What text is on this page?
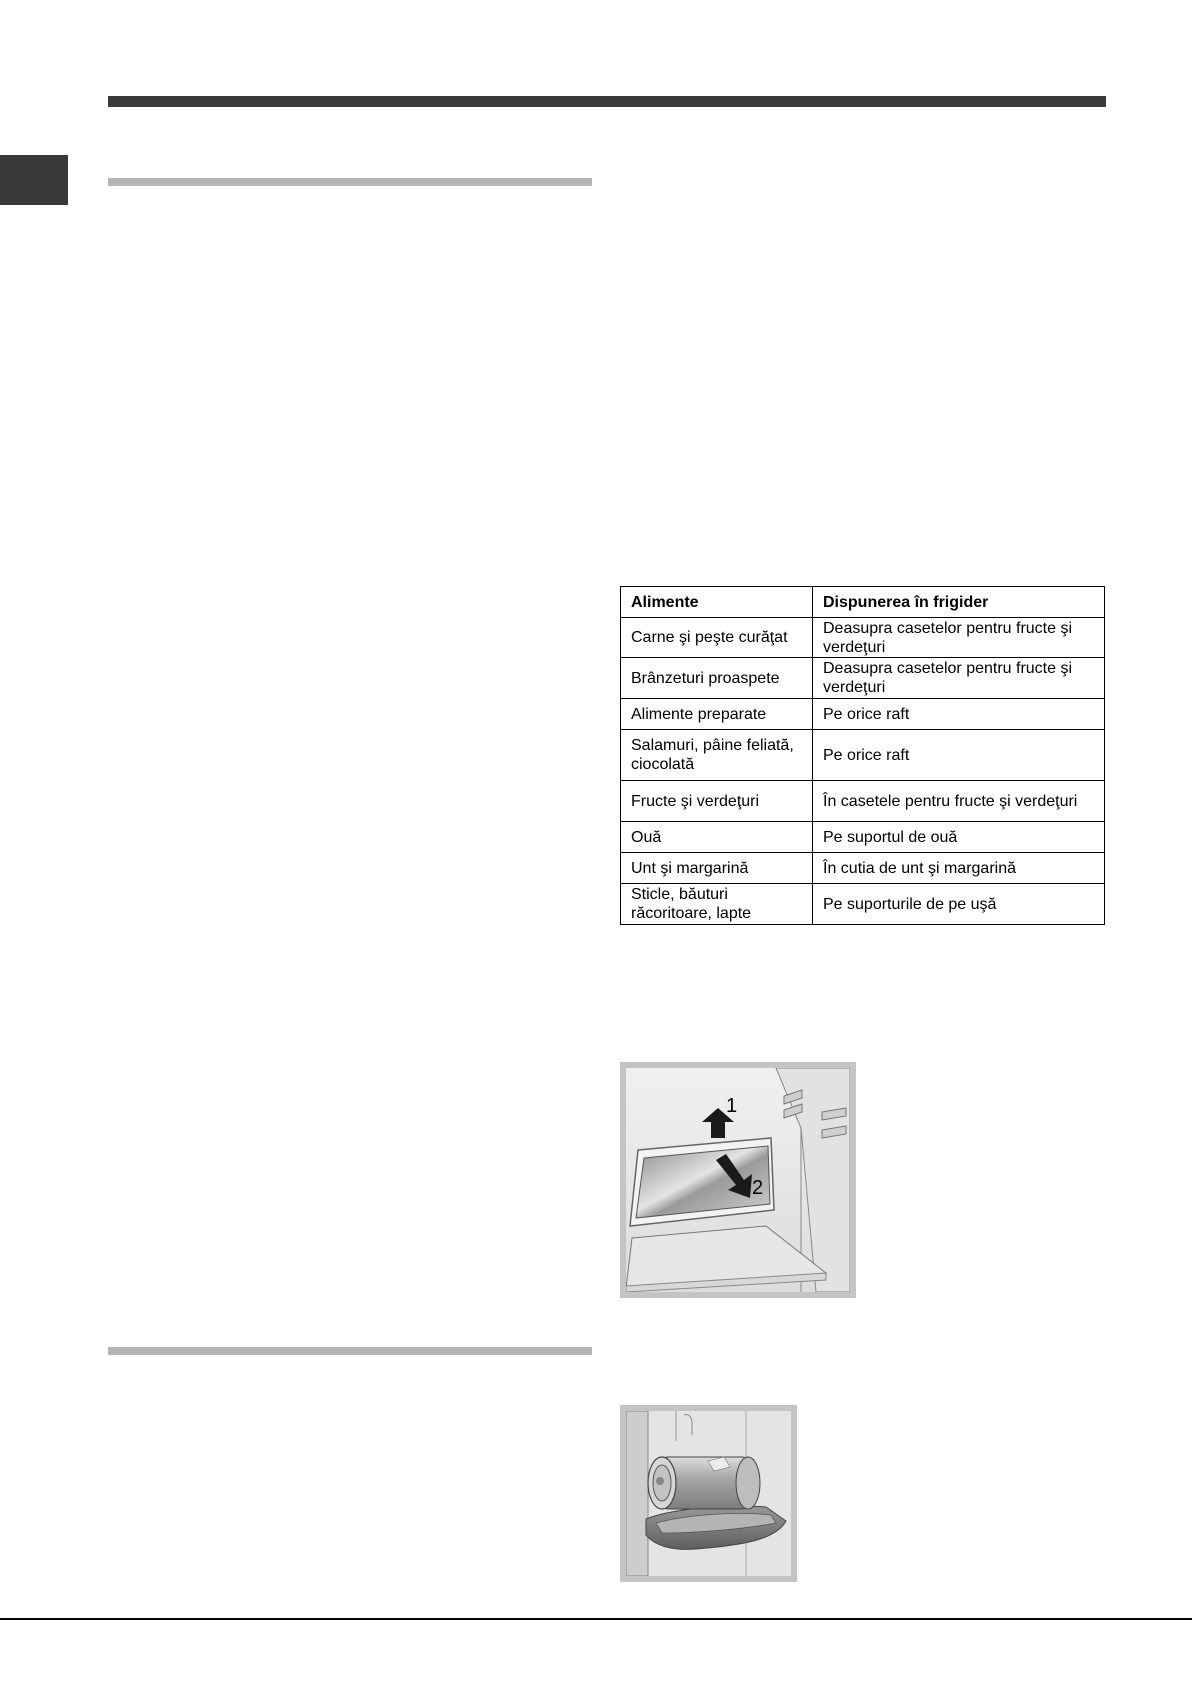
Alimente	Dispunerea în frigider
Carne şi peşte curăţat	Deasupra casetelor pentru fructe şi verdeţuri
Brânzeturi proaspete	Deasupra casetelor pentru fructe şi verdeţuri
Alimente preparate	Pe orice raft
Salamuri, pâine feliată, ciocolată	Pe orice raft
Fructe şi verdeţuri	În casetele pentru fructe şi verdeţuri
Ouă	Pe suportul de ouă
Unt şi margarină	În cutia de unt şi margarină
Sticle, băuturi răcoritoare, lapte	Pe suporturile de pe uşă
1
2
